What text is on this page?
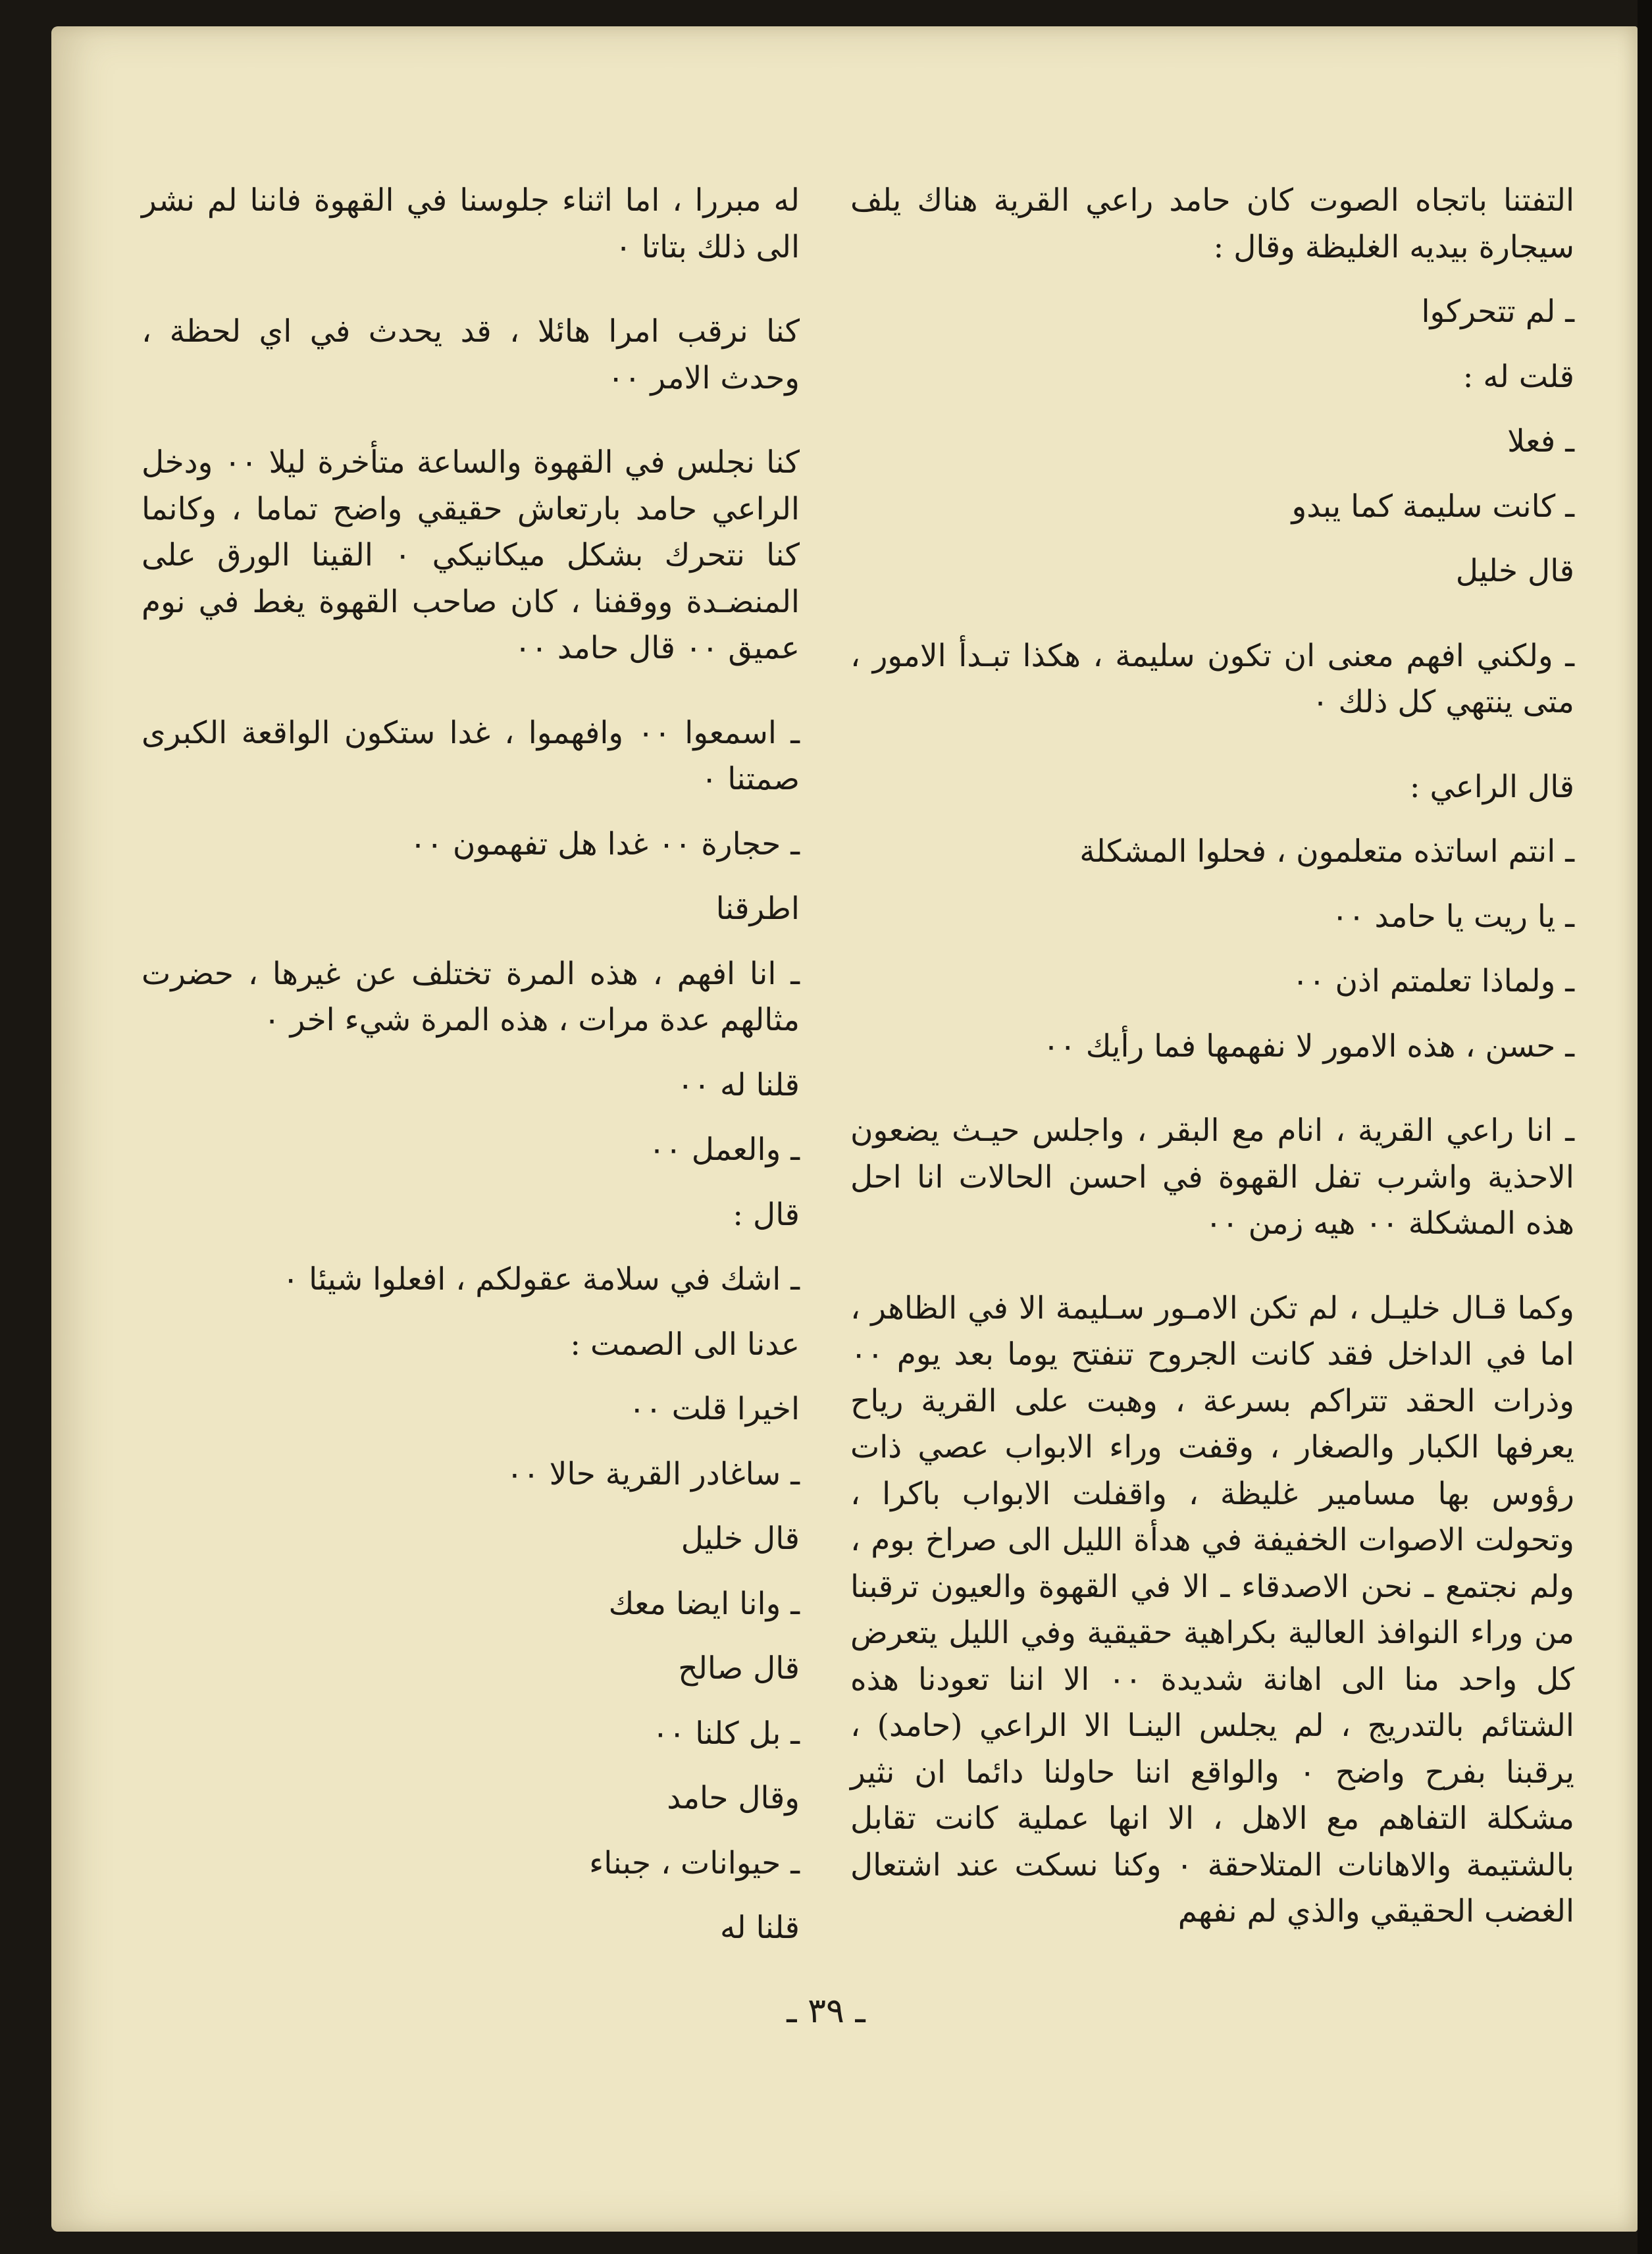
التفتنا باتجاه الصوت كان حامد راعي القرية هناك يلف سيجارة بيديه الغليظة وقال :

ـ لم تتحركوا

قلت له :

ـ فعلا

ـ كانت سليمة كما يبدو

قال خليل

ـ ولكني افهم معنى ان تكون سليمة ، هكذا تبـدأ الامور ، متى ينتهي كل ذلك ٠

قال الراعي :

ـ انتم اساتذه متعلمون ، فحلوا المشكلة

ـ يا ريت يا حامد ٠٠

ـ ولماذا تعلمتم اذن ٠٠

ـ حسن ، هذه الامور لا نفهمها فما رأيك ٠٠

ـ انا راعي القرية ، انام مع البقر ، واجلس حيـث يضعون الاحذية واشرب تفل القهوة في احسن الحالات انا احل هذه المشكلة ٠٠ هيه زمن ٠٠

وكما قـال خليـل ، لم تكن الامـور سـليمة الا في الظاهر ، اما في الداخل فقد كانت الجروح تنفتح يوما بعد يوم ٠٠ وذرات الحقد تتراكم بسرعة ، وهبت على القرية رياح يعرفها الكبار والصغار ، وقفت وراء الابواب عصي ذات رؤوس بها مسامير غليظة ، واقفلت الابواب باكرا ، وتحولت الاصوات الخفيفة في هدأة الليل الى صراخ بوم ، ولم نجتمع ـ نحن الاصدقاء ـ الا في القهوة والعيون ترقبنا من وراء النوافذ العالية بكراهية حقيقية وفي الليل يتعرض كل واحد منا الى اهانة شديدة ٠٠ الا اننا تعودنا هذه الشتائم بالتدريج ، لم يجلس الينـا الا الراعي (حامد) ، يرقبنا بفرح واضح ٠ والواقع اننا حاولنا دائما ان نثير مشكلة التفاهم مع الاهل ، الا انها عملية كانت تقابل بالشتيمة والاهانات المتلاحقة ٠ وكنا نسكت عند اشتعال الغضب الحقيقي والذي لم نفهم

له مبررا ، اما اثناء جلوسنا في القهوة فاننا لم نشر الى ذلك بتاتا ٠

كنا نرقب امرا هائلا ، قد يحدث في اي لحظة ، وحدث الامر ٠٠

كنا نجلس في القهوة والساعة متأخرة ليلا ٠٠ ودخل الراعي حامد بارتعاش حقيقي واضح تماما ، وكانما كنا نتحرك بشكل ميكانيكي ٠ القينا الورق على المنضـدة ووقفنا ، كان صاحب القهوة يغط في نوم عميق ٠٠ قال حامد ٠٠

ـ اسمعوا ٠٠ وافهموا ، غدا ستكون الواقعة الكبرى صمتنا ٠

ـ حجارة ٠٠ غدا هل تفهمون ٠٠

اطرقنا

ـ انا افهم ، هذه المرة تختلف عن غيرها ، حضرت مثالهم عدة مرات ، هذه المرة شيء اخر ٠

قلنا له ٠٠

ـ والعمل ٠٠

قال :

ـ اشك في سلامة عقولكم ، افعلوا شيئا ٠

عدنا الى الصمت :

اخيرا قلت ٠٠

ـ ساغادر القرية حالا ٠٠

قال خليل

ـ وانا ايضا معك

قال صالح

ـ بل كلنا ٠٠

وقال حامد

ـ حيوانات ، جبناء

قلنا له

ـ ٣٩ ـ
